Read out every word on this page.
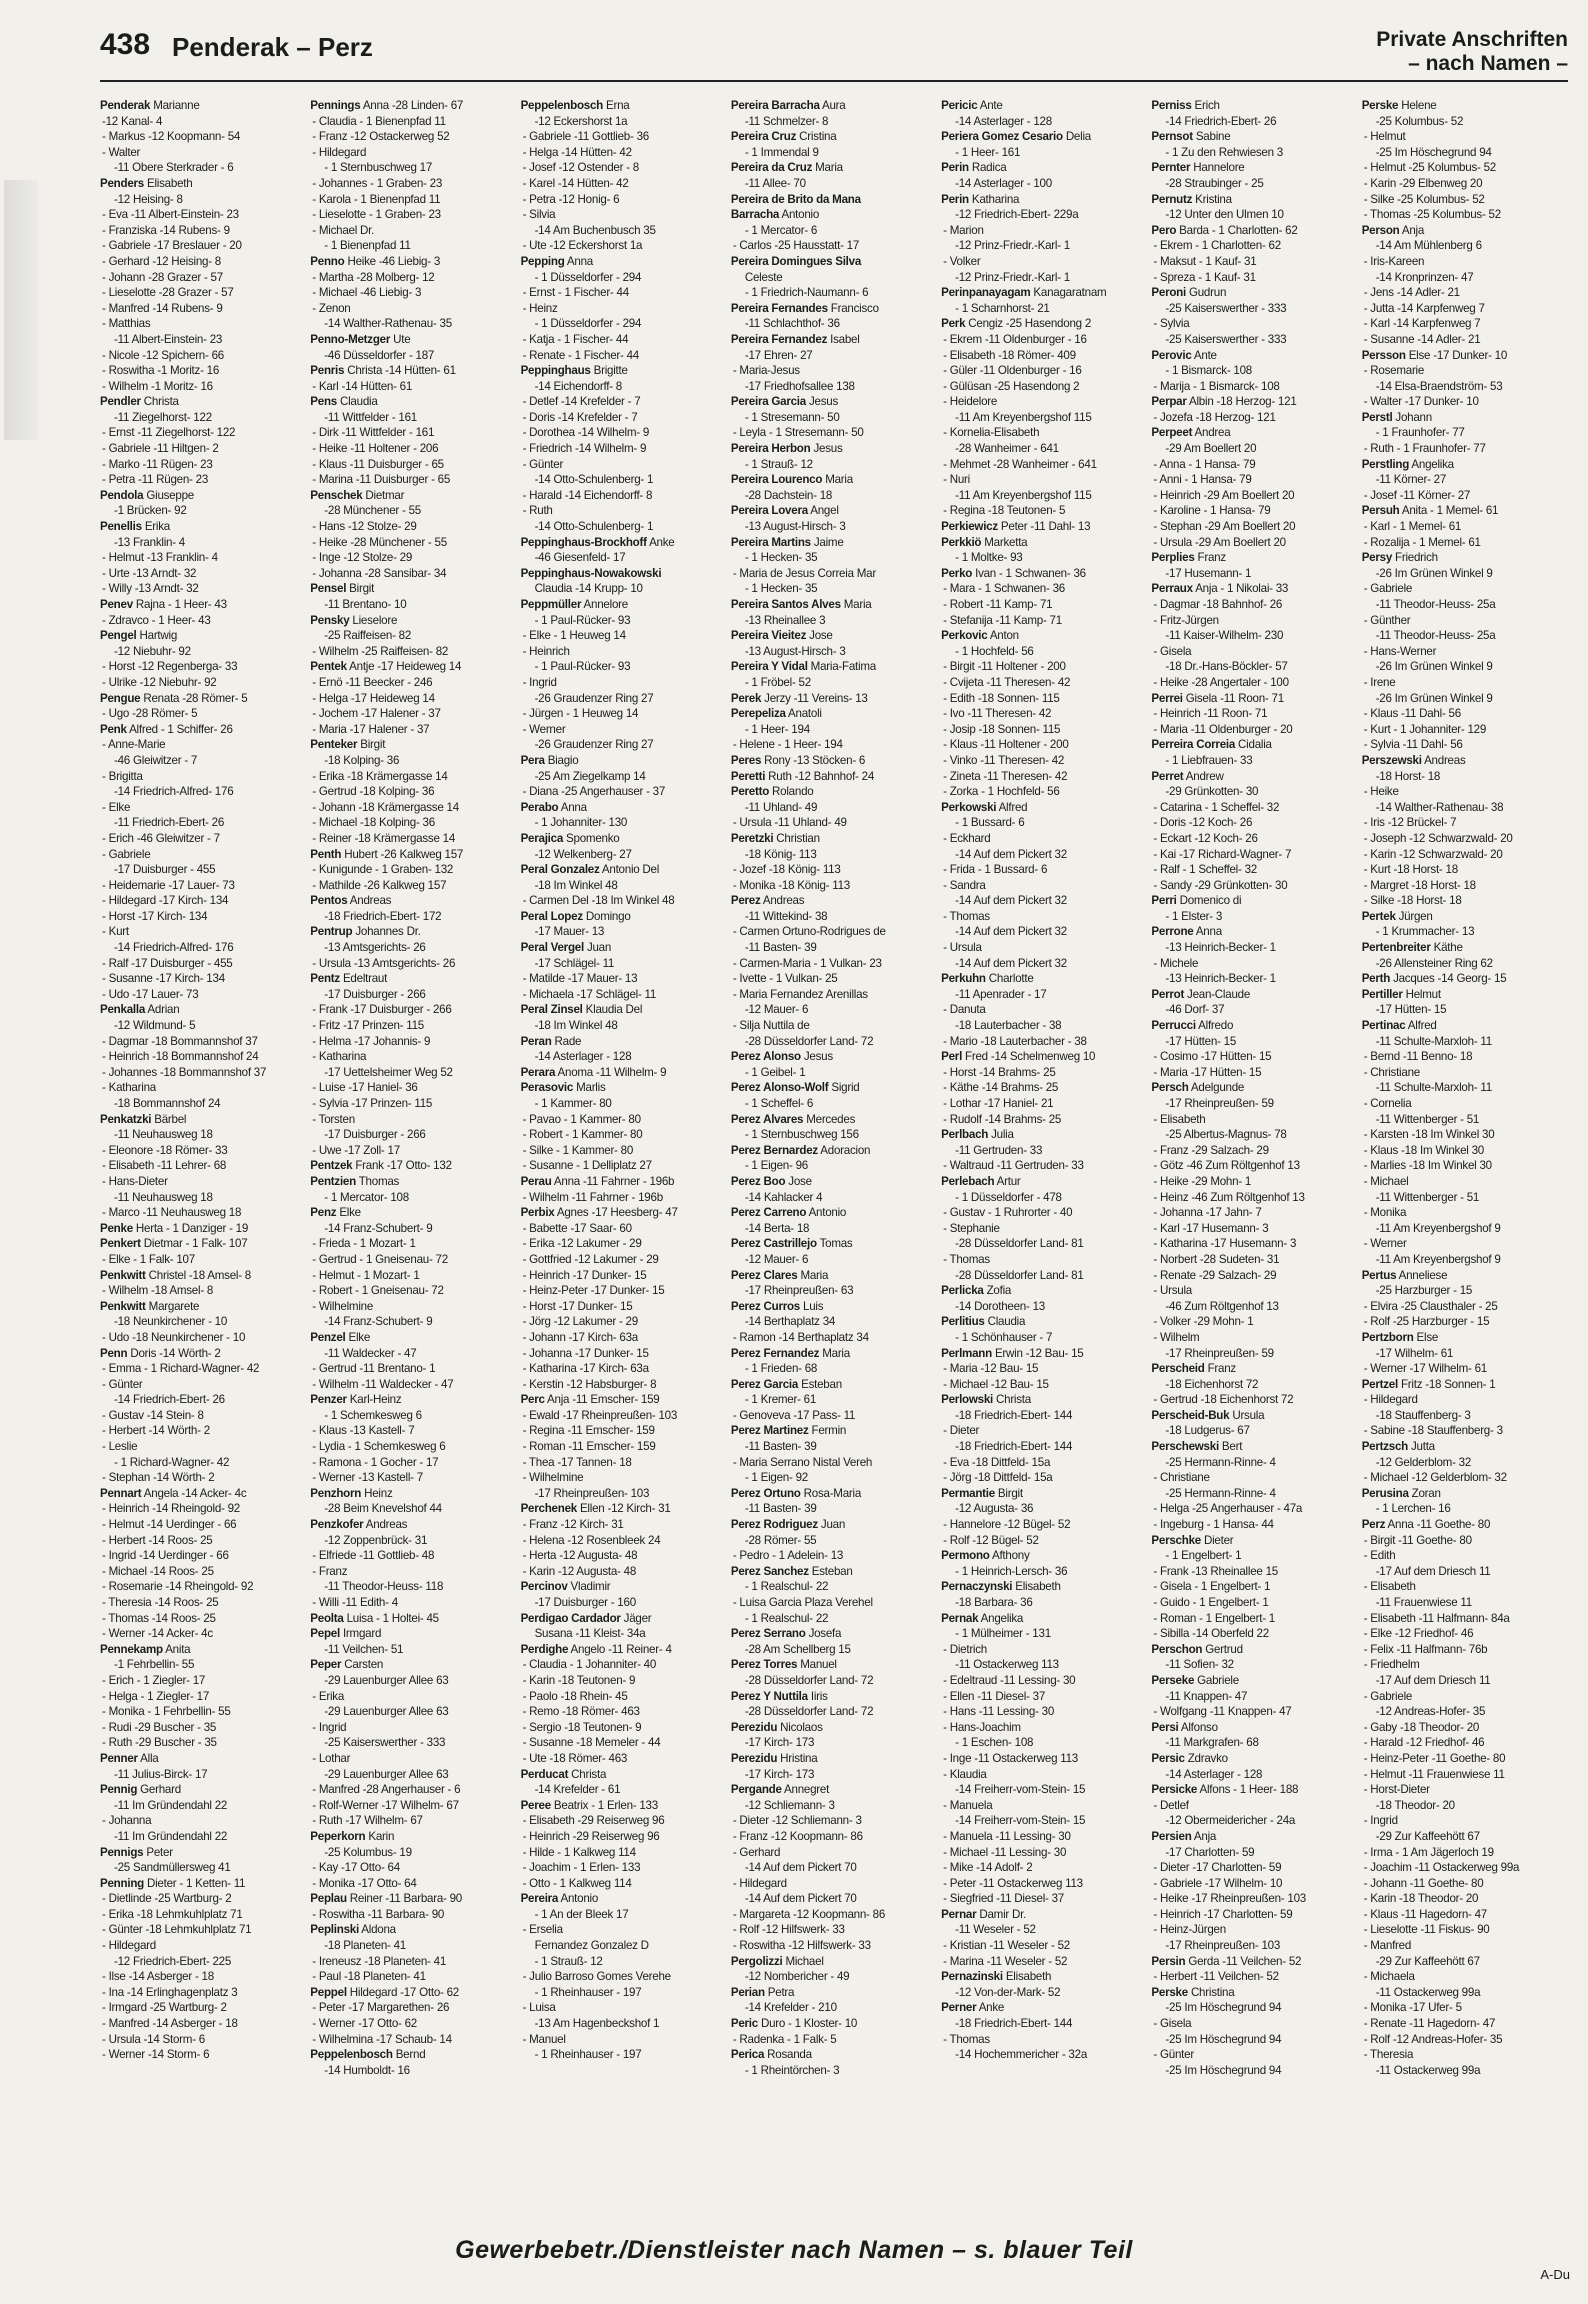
438 Penderak – Perz	Private Anschriften
– nach Namen –
Penderak Marianne
-12 Kanal- 4
- Markus -12 Koopmann- 54
- Walter
-11 Obere Sterkrader - 6
Penders Elisabeth
-12 Heising- 8
- Eva -11 Albert-Einstein- 23
- Franziska -14 Rubens- 9
- Gabriele -17 Breslauer - 20
- Gerhard -12 Heising- 8
- Johann -28 Grazer - 57
- Lieselotte -28 Grazer - 57
- Manfred -14 Rubens- 9
- Matthias
-11 Albert-Einstein- 23
- Nicole -12 Spichern- 66
- Roswitha -1 Moritz- 16
- Wilhelm -1 Moritz- 16
Pendler Christa
-11 Ziegelhorst- 122
- Ernst -11 Ziegelhorst- 122
- Gabriele -11 Hiltgen- 2
- Marko -11 Rügen- 23
- Petra -11 Rügen- 23
Pendola Giuseppe
-1 Brücken- 92
Penellis Erika
-13 Franklin- 4
- Helmut -13 Franklin- 4
- Urte -13 Arndt- 32
- Willy -13 Arndt- 32
Penev Rajna - 1 Heer- 43
- Zdravco - 1 Heer- 43
Pengel Hartwig
-12 Niebuhr- 92
- Horst -12 Regenberga- 33
- Ulrike -12 Niebuhr- 92
Pengue Renata -28 Römer- 5
- Ugo -28 Römer- 5
Penk Alfred - 1 Schiffer- 26
- Anne-Marie
-46 Gleiwitzer - 7
- Brigitta
-14 Friedrich-Alfred- 176
- Elke
-11 Friedrich-Ebert- 26
- Erich -46 Gleiwitzer - 7
- Gabriele
-17 Duisburger - 455
- Heidemarie -17 Lauer- 73
- Hildegard -17 Kirch- 134
- Horst -17 Kirch- 134
- Kurt
-14 Friedrich-Alfred- 176
- Ralf -17 Duisburger - 455
- Susanne -17 Kirch- 134
- Udo -17 Lauer- 73
Penkalla Adrian
-12 Wildmund- 5
- Dagmar -18 Bommannshof 37
- Heinrich -18 Bommannshof 24
- Johannes -18 Bommannshof 37
- Katharina
-18 Bommannshof 24
Penkatzki Bärbel
-11 Neuhausweg 18
- Eleonore -18 Römer- 33
- Elisabeth -11 Lehrer- 68
- Hans-Dieter
-11 Neuhausweg 18
- Marco -11 Neuhausweg 18
Penke Herta - 1 Danziger - 19
Penkert Dietmar - 1 Falk- 107
- Elke - 1 Falk- 107
Penkwitt Christel -18 Amsel- 8
- Wilhelm -18 Amsel- 8
Penkwitt Margarete
-18 Neunkirchener - 10
- Udo -18 Neunkirchener - 10
Penn Doris -14 Wörth- 2
- Emma - 1 Richard-Wagner- 42
- Günter
-14 Friedrich-Ebert- 26
- Gustav -14 Stein- 8
- Herbert -14 Wörth- 2
- Leslie
- 1 Richard-Wagner- 42
- Stephan -14 Wörth- 2
Pennart Angela -14 Acker- 4c
- Heinrich -14 Rheingold- 92
- Helmut -14 Uerdinger - 66
- Herbert -14 Roos- 25
- Ingrid -14 Uerdinger - 66
- Michael -14 Roos- 25
- Rosemarie -14 Rheingold- 92
- Theresia -14 Roos- 25
- Thomas -14 Roos- 25
- Werner -14 Acker- 4c
Pennekamp Anita
-1 Fehrbellin- 55
- Erich - 1 Ziegler- 17
- Helga - 1 Ziegler- 17
- Monika - 1 Fehrbellin- 55
- Rudi -29 Buscher - 35
- Ruth -29 Buscher - 35
Penner Alla
-11 Julius-Birck- 17
Pennig Gerhard
-11 Im Gründendahl 22
- Johanna
-11 Im Gründendahl 22
Pennigs Peter
-25 Sandmüllersweg 41
Penning Dieter - 1 Ketten- 11
- Dietlinde -25 Wartburg- 2
- Erika -18 Lehmkuhlplatz 71
- Günter -18 Lehmkuhlplatz 71
- Hildegard
-12 Friedrich-Ebert- 225
- Ilse -14 Asberger - 18
- Ina -14 Erlinghagenplatz 3
- Irmgard -25 Wartburg- 2
- Manfred -14 Asberger - 18
- Ursula -14 Storm- 6
- Werner -14 Storm- 6
Pennings Anna -28 Linden- 67
- Claudia - 1 Bienenpfad 11
- Franz -12 Ostackerweg 52
- Hildegard
- 1 Sternbuschweg 17
- Johannes - 1 Graben- 23
- Karola - 1 Bienenpfad 11
- Lieselotte - 1 Graben- 23
- Michael Dr.
- 1 Bienenpfad 11
Penno Heike -46 Liebig- 3
- Martha -28 Molberg- 12
- Michael -46 Liebig- 3
- Zenon
-14 Walther-Rathenau- 35
Penno-Metzger Ute
-46 Düsseldorfer - 187
Penris Christa -14 Hütten- 61
- Karl -14 Hütten- 61
Pens Claudia
-11 Wittfelder - 161
- Dirk -11 Wittfelder - 161
- Heike -11 Holtener - 206
- Klaus -11 Duisburger - 65
- Marina -11 Duisburger - 65
Penschek Dietmar
-28 Münchener - 55
- Hans -12 Stolze- 29
- Heike -28 Münchener - 55
- Inge -12 Stolze- 29
- Johanna -28 Sansibar- 34
Pensel Birgit
-11 Brentano- 10
Pensky Lieselore
-25 Raiffeisen- 82
- Wilhelm -25 Raiffeisen- 82
Pentek Antje -17 Heideweg 14
- Ernö -11 Beecker - 246
- Helga -17 Heideweg 14
- Jochem -17 Halener - 37
- Maria -17 Halener - 37
Penteker Birgit
-18 Kolping- 36
- Erika -18 Krämergasse 14
- Gertrud -18 Kolping- 36
- Johann -18 Krämergasse 14
- Michael -18 Kolping- 36
- Reiner -18 Krämergasse 14
Penth Hubert -26 Kalkweg 157
- Kunigunde - 1 Graben- 132
- Mathilde -26 Kalkweg 157
Pentos Andreas
-18 Friedrich-Ebert- 172
Pentrup Johannes Dr.
-13 Amtsgerichts- 26
- Ursula -13 Amtsgerichts- 26
Pentz Edeltraut
-17 Duisburger - 266
- Frank -17 Duisburger - 266
- Fritz -17 Prinzen- 115
- Helma -17 Johannis- 9
- Katharina
-17 Uettelsheimer Weg 52
- Luise -17 Haniel- 36
- Sylvia -17 Prinzen- 115
- Torsten
-17 Duisburger - 266
- Uwe -17 Zoll- 17
Pentzek Frank -17 Otto- 132
Pentzien Thomas
- 1 Mercator- 108
Penz Elke
-14 Franz-Schubert- 9
- Frieda - 1 Mozart- 1
- Gertrud - 1 Gneisenau- 72
- Helmut - 1 Mozart- 1
- Robert - 1 Gneisenau- 72
- Wilhelmine
-14 Franz-Schubert- 9
Penzel Elke
-11 Waldecker - 47
- Gertrud -11 Brentano- 1
- Wilhelm -11 Waldecker - 47
Penzer Karl-Heinz
- 1 Schemkesweg 6
- Klaus -13 Kastell- 7
- Lydia - 1 Schemkesweg 6
- Ramona - 1 Gocher - 17
- Werner -13 Kastell- 7
Penzhorn Heinz
-28 Beim Knevelshof 44
Penzkofer Andreas
-12 Zoppenbrück- 31
- Elfriede -11 Gottlieb- 48
- Franz
-11 Theodor-Heuss- 118
- Willi -11 Edith- 4
Peolta Luisa - 1 Holtei- 45
Pepel Irmgard
-11 Veilchen- 51
Peper Carsten
-29 Lauenburger Allee 63
- Erika
-29 Lauenburger Allee 63
- Ingrid
-25 Kaiserswerther - 333
- Lothar
-29 Lauenburger Allee 63
- Manfred -28 Angerhauser - 6
- Rolf-Werner -17 Wilhelm- 67
- Ruth -17 Wilhelm- 67
Peperkorn Karin
-25 Kolumbus- 19
- Kay -17 Otto- 64
- Monika -17 Otto- 64
Peplau Reiner -11 Barbara- 90
- Roswitha -11 Barbara- 90
Peplinski Aldona
-18 Planeten- 41
- Ireneusz -18 Planeten- 41
- Paul -18 Planeten- 41
Peppel Hildegard -17 Otto- 62
- Peter -17 Margarethen- 26
- Werner -17 Otto- 62
- Wilhelmina -17 Schaub- 14
Peppelenbosch Bernd
-14 Humboldt- 16
Peppelenbosch Erna
-12 Eckershorst 1a
- Gabriele -11 Gottlieb- 36
- Helga -14 Hütten- 42
- Josef -12 Ostender - 8
- Karel -14 Hütten- 42
- Petra -12 Honig- 6
- Silvia
-14 Am Buchenbusch 35
- Ute -12 Eckershorst 1a
Pepping Anna
- 1 Düsseldorfer - 294
- Ernst - 1 Fischer- 44
- Heinz
- 1 Düsseldorfer - 294
- Katja - 1 Fischer- 44
- Renate - 1 Fischer- 44
Peppinghaus Brigitte
-14 Eichendorff- 8
- Detlef -14 Krefelder - 7
- Doris -14 Krefelder - 7
- Dorothea -14 Wilhelm- 9
- Friedrich -14 Wilhelm- 9
- Günter
-14 Otto-Schulenberg- 1
- Harald -14 Eichendorff- 8
- Ruth
-14 Otto-Schulenberg- 1
Peppinghaus-Brockhoff Anke
-46 Giesenfeld- 17
Peppinghaus-Nowakowski
Claudia -14 Krupp- 10
Peppmüller Annelore
- 1 Paul-Rücker- 93
- Elke - 1 Heuweg 14
- Heinrich
- 1 Paul-Rücker- 93
- Ingrid
-26 Graudenzer Ring 27
- Jürgen - 1 Heuweg 14
- Werner
-26 Graudenzer Ring 27
Pera Biagio
-25 Am Ziegelkamp 14
- Diana -25 Angerhauser - 37
Perabo Anna
- 1 Johanniter- 130
Perajica Spomenko
-12 Welkenberg- 27
Peral Gonzalez Antonio Del
-18 Im Winkel 48
- Carmen Del -18 Im Winkel 48
Peral Lopez Domingo
-17 Mauer- 13
Peral Vergel Juan
-17 Schlägel- 11
- Matilde -17 Mauer- 13
- Michaela -17 Schlägel- 11
Peral Zinsel Klaudia Del
-18 Im Winkel 48
Peran Rade
-14 Asterlager - 128
Perara Anoma -11 Wilhelm- 9
Perasovic Marlis
- 1 Kammer- 80
- Pavao - 1 Kammer- 80
- Robert - 1 Kammer- 80
- Silke - 1 Kammer- 80
- Susanne - 1 Delliplatz 27
Perau Anna -11 Fahrner - 196b
- Wilhelm -11 Fahrner - 196b
Perbix Agnes -17 Heesberg- 47
- Babette -17 Saar- 60
- Erika -12 Lakumer - 29
- Gottfried -12 Lakumer - 29
- Heinrich -17 Dunker- 15
- Heinz-Peter -17 Dunker- 15
- Horst -17 Dunker- 15
- Jörg -12 Lakumer - 29
- Johann -17 Kirch- 63a
- Johanna -17 Dunker- 15
- Katharina -17 Kirch- 63a
- Kerstin -12 Habsburger- 8
Perc Anja -11 Emscher- 159
- Ewald -17 Rheinpreußen- 103
- Regina -11 Emscher- 159
- Roman -11 Emscher- 159
- Thea -17 Tannen- 18
- Wilhelmine
-17 Rheinpreußen- 103
Perchenek Ellen -12 Kirch- 31
- Franz -12 Kirch- 31
- Helena -12 Rosenbleek 24
- Herta -12 Augusta- 48
- Karin -12 Augusta- 48
Percinov Vladimir
-17 Duisburger - 160
Perdigao Cardador Jäger
Susana -11 Kleist- 34a
Perdighe Angelo -11 Reiner- 4
- Claudia - 1 Johanniter- 40
- Karin -18 Teutonen- 9
- Paolo -18 Rhein- 45
- Remo -18 Römer- 463
- Sergio -18 Teutonen- 9
- Susanne -18 Memeler - 44
- Ute -18 Römer- 463
Perducat Christa
-14 Krefelder - 61
Peree Beatrix - 1 Erlen- 133
- Elisabeth -29 Reiserweg 96
- Heinrich -29 Reiserweg 96
- Hilde - 1 Kalkweg 114
- Joachim - 1 Erlen- 133
- Otto - 1 Kalkweg 114
Pereira Antonio
- 1 An der Bleek 17
- Erselia
Fernandez Gonzalez D
- 1 Strauß- 12
- Julio Barroso Gomes Verehe
- 1 Rheinhauser - 197
- Luisa
-13 Am Hagenbeckshof 1
- Manuel
- 1 Rheinhauser - 197
Pereira Barracha Aura
-11 Schmelzer- 8
Pereira Cruz Cristina
- 1 Immendal 9
Pereira da Cruz Maria
-11 Allee- 70
Pereira de Brito da Mana
Barracha Antonio
- 1 Mercator- 6
- Carlos -25 Hausstatt- 17
Pereira Domingues Silva
Celeste
- 1 Friedrich-Naumann- 6
Pereira Fernandes Francisco
-11 Schlachthof- 36
Pereira Fernandez Isabel
-17 Ehren- 27
- Maria-Jesus
-17 Friedhofsallee 138
Pereira Garcia Jesus
- 1 Stresemann- 50
- Leyla - 1 Stresemann- 50
Pereira Herbon Jesus
- 1 Strauß- 12
Pereira Lourenco Maria
-28 Dachstein- 18
Pereira Lovera Angel
-13 August-Hirsch- 3
Pereira Martins Jaime
- 1 Hecken- 35
- Maria de Jesus Correia Mar
- 1 Hecken- 35
Pereira Santos Alves Maria
-13 Rheinallee 3
Pereira Vieitez Jose
-13 August-Hirsch- 3
Pereira Y Vidal Maria-Fatima
- 1 Fröbel- 52
Perek Jerzy -11 Vereins- 13
Perepeliza Anatoli
- 1 Heer- 194
- Helene - 1 Heer- 194
Peres Rony -13 Stöcken- 6
Peretti Ruth -12 Bahnhof- 24
Peretto Rolando
-11 Uhland- 49
- Ursula -11 Uhland- 49
Peretzki Christian
-18 König- 113
- Jozef -18 König- 113
- Monika -18 König- 113
Perez Andreas
-11 Wittekind- 38
- Carmen Ortuno-Rodrigues de
-11 Basten- 39
- Carmen-Maria - 1 Vulkan- 23
- Ivette - 1 Vulkan- 25
- Maria Fernandez Arenillas
-12 Mauer- 6
- Silja Nuttila de
-28 Düsseldorfer Land- 72
Perez Alonso Jesus
- 1 Geibel- 1
Perez Alonso-Wolf Sigrid
- 1 Scheffel- 6
Perez Alvares Mercedes
- 1 Sternbuschweg 156
Perez Bernardez Adoracion
- 1 Eigen- 96
Perez Boo Jose
-14 Kahlacker 4
Perez Carreno Antonio
-14 Berta- 18
Perez Castrillejo Tomas
-12 Mauer- 6
Perez Clares Maria
-17 Rheinpreußen- 63
Perez Curros Luis
-14 Berthaplatz 34
- Ramon -14 Berthaplatz 34
Perez Fernandez Maria
- 1 Frieden- 68
Perez Garcia Esteban
- 1 Kremer- 61
- Genoveva -17 Pass- 11
Perez Martinez Fermin
-11 Basten- 39
- Maria Serrano Nistal Vereh
- 1 Eigen- 92
Perez Ortuno Rosa-Maria
-11 Basten- 39
Perez Rodriguez Juan
-28 Römer- 55
- Pedro - 1 Adelein- 13
Perez Sanchez Esteban
- 1 Realschul- 22
- Luisa Garcia Plaza Verehel
- 1 Realschul- 22
Perez Serrano Josefa
-28 Am Schellberg 15
Perez Torres Manuel
-28 Düsseldorfer Land- 72
Perez Y Nuttila Iiris
-28 Düsseldorfer Land- 72
Perezidu Nicolaos
-17 Kirch- 173
Perezidu Hristina
-17 Kirch- 173
Pergande Annegret
-12 Schliemann- 3
- Dieter -12 Schliemann- 3
- Franz -12 Koopmann- 86
- Gerhard
-14 Auf dem Pickert 70
- Hildegard
-14 Auf dem Pickert 70
- Margareta -12 Koopmann- 86
- Rolf -12 Hilfswerk- 33
- Roswitha -12 Hilfswerk- 33
Pergolizzi Michael
-12 Nombericher - 49
Perian Petra
-14 Krefelder - 210
Peric Duro - 1 Kloster- 10
- Radenka - 1 Falk- 5
Perica Rosanda
- 1 Rheintörchen- 3
Pericic Ante
-14 Asterlager - 128
Periera Gomez Cesario Delia
- 1 Heer- 161
Perin Radica
-14 Asterlager - 100
Perin Katharina
-12 Friedrich-Ebert- 229a
- Marion
-12 Prinz-Friedr.-Karl- 1
- Volker
-12 Prinz-Friedr.-Karl- 1
Perinpanayagam Kanagaratnam
- 1 Scharnhorst- 21
Perk Cengiz -25 Hasendong 2
- Ekrem -11 Oldenburger - 16
- Elisabeth -18 Römer- 409
- Güler -11 Oldenburger - 16
- Gülüsan -25 Hasendong 2
- Heidelore
-11 Am Kreyenbergshof 115
- Kornelia-Elisabeth
-28 Wanheimer - 641
- Mehmet -28 Wanheimer - 641
- Nuri
-11 Am Kreyenbergshof 115
- Regina -18 Teutonen- 5
Perkiewicz Peter -11 Dahl- 13
Perkkiö Marketta
- 1 Moltke- 93
Perko Ivan - 1 Schwanen- 36
- Mara - 1 Schwanen- 36
- Robert -11 Kamp- 71
- Stefanija -11 Kamp- 71
Perkovic Anton
- 1 Hochfeld- 56
- Birgit -11 Holtener - 200
- Cvijeta -11 Theresen- 42
- Edith -18 Sonnen- 115
- Ivo -11 Theresen- 42
- Josip -18 Sonnen- 115
- Klaus -11 Holtener - 200
- Vinko -11 Theresen- 42
- Zineta -11 Theresen- 42
- Zorka - 1 Hochfeld- 56
Perkowski Alfred
- 1 Bussard- 6
- Eckhard
-14 Auf dem Pickert 32
- Frida - 1 Bussard- 6
- Sandra
-14 Auf dem Pickert 32
- Thomas
-14 Auf dem Pickert 32
- Ursula
-14 Auf dem Pickert 32
Perkuhn Charlotte
-11 Apenrader - 17
- Danuta
-18 Lauterbacher - 38
- Mario -18 Lauterbacher - 38
Perl Fred -14 Schelmenweg 10
- Horst -14 Brahms- 25
- Käthe -14 Brahms- 25
- Lothar -17 Haniel- 21
- Rudolf -14 Brahms- 25
Perlbach Julia
-11 Gertruden- 33
- Waltraud -11 Gertruden- 33
Perlebach Artur
- 1 Düsseldorfer - 478
- Gustav - 1 Ruhrorter - 40
- Stephanie
-28 Düsseldorfer Land- 81
- Thomas
-28 Düsseldorfer Land- 81
Perlicka Zofia
-14 Dorotheen- 13
Perlitius Claudia
- 1 Schönhauser - 7
Perlmann Erwin -12 Bau- 15
- Maria -12 Bau- 15
- Michael -12 Bau- 15
Perlowski Christa
-18 Friedrich-Ebert- 144
- Dieter
-18 Friedrich-Ebert- 144
- Eva -18 Dittfeld- 15a
- Jörg -18 Dittfeld- 15a
Permantie Birgit
-12 Augusta- 36
- Hannelore -12 Bügel- 52
- Rolf -12 Bügel- 52
Permono Afthony
- 1 Heinrich-Lersch- 36
Pernaczynski Elisabeth
-18 Barbara- 36
Pernak Angelika
- 1 Mülheimer - 131
- Dietrich
-11 Ostackerweg 113
- Edeltraud -11 Lessing- 30
- Ellen -11 Diesel- 37
- Hans -11 Lessing- 30
- Hans-Joachim
- 1 Eschen- 108
- Inge -11 Ostackerweg 113
- Klaudia
-14 Freiherr-vom-Stein- 15
- Manuela
-14 Freiherr-vom-Stein- 15
- Manuela -11 Lessing- 30
- Michael -11 Lessing- 30
- Mike -14 Adolf- 2
- Peter -11 Ostackerweg 113
- Siegfried -11 Diesel- 37
Pernar Damir Dr.
-11 Weseler - 52
- Kristian -11 Weseler - 52
- Marina -11 Weseler - 52
Pernazinski Elisabeth
-12 Von-der-Mark- 52
Perner Anke
-18 Friedrich-Ebert- 144
- Thomas
-14 Hochemmericher - 32a
Perniss Erich
-14 Friedrich-Ebert- 26
Pernsot Sabine
- 1 Zu den Rehwiesen 3
Pernter Hannelore
-28 Straubinger - 25
Pernutz Kristina
-12 Unter den Ulmen 10
Pero Barda - 1 Charlotten- 62
- Ekrem - 1 Charlotten- 62
- Maksut - 1 Kauf- 31
- Spreza - 1 Kauf- 31
Peroni Gudrun
-25 Kaiserswerther - 333
- Sylvia
-25 Kaiserswerther - 333
Perovic Ante
- 1 Bismarck- 108
- Marija - 1 Bismarck- 108
Perpar Albin -18 Herzog- 121
- Jozefa -18 Herzog- 121
Perpeet Andrea
-29 Am Boellert 20
- Anna - 1 Hansa- 79
- Anni - 1 Hansa- 79
- Heinrich -29 Am Boellert 20
- Karoline - 1 Hansa- 79
- Stephan -29 Am Boellert 20
- Ursula -29 Am Boellert 20
Perplies Franz
-17 Husemann- 1
Perraux Anja - 1 Nikolai- 33
- Dagmar -18 Bahnhof- 26
- Fritz-Jürgen
-11 Kaiser-Wilhelm- 230
- Gisela
-18 Dr.-Hans-Böckler- 57
- Heike -28 Angertaler - 100
Perrei Gisela -11 Roon- 71
- Heinrich -11 Roon- 71
- Maria -11 Oldenburger - 20
Perreira Correia Cidalia
- 1 Liebfrauen- 33
Perret Andrew
-29 Grünkotten- 30
- Catarina - 1 Scheffel- 32
- Doris -12 Koch- 26
- Eckart -12 Koch- 26
- Kai -17 Richard-Wagner- 7
- Ralf - 1 Scheffel- 32
- Sandy -29 Grünkotten- 30
Perri Domenico di
- 1 Elster- 3
Perrone Anna
-13 Heinrich-Becker- 1
- Michele
-13 Heinrich-Becker- 1
Perrot Jean-Claude
-46 Dorf- 37
Perrucci Alfredo
-17 Hütten- 15
- Cosimo -17 Hütten- 15
- Maria -17 Hütten- 15
Persch Adelgunde
-17 Rheinpreußen- 59
- Elisabeth
-25 Albertus-Magnus- 78
- Franz -29 Salzach- 29
- Götz -46 Zum Röltgenhof 13
- Heike -29 Mohn- 1
- Heinz -46 Zum Röltgenhof 13
- Johanna -17 Jahn- 7
- Karl -17 Husemann- 3
- Katharina -17 Husemann- 3
- Norbert -28 Sudeten- 31
- Renate -29 Salzach- 29
- Ursula
-46 Zum Röltgenhof 13
- Volker -29 Mohn- 1
- Wilhelm
-17 Rheinpreußen- 59
Perscheid Franz
-18 Eichenhorst 72
- Gertrud -18 Eichenhorst 72
Perscheid-Buk Ursula
-18 Ludgerus- 67
Perschewski Bert
-25 Hermann-Rinne- 4
- Christiane
-25 Hermann-Rinne- 4
- Helga -25 Angerhauser - 47a
- Ingeburg - 1 Hansa- 44
Perschke Dieter
- 1 Engelbert- 1
- Frank -13 Rheinallee 15
- Gisela - 1 Engelbert- 1
- Guido - 1 Engelbert- 1
- Roman - 1 Engelbert- 1
- Sibilla -14 Oberfeld 22
Perschon Gertrud
-11 Sofien- 32
Perseke Gabriele
-11 Knappen- 47
- Wolfgang -11 Knappen- 47
Persi Alfonso
-11 Markgrafen- 68
Persic Zdravko
-14 Asterlager - 128
Persicke Alfons - 1 Heer- 188
- Detlef
-12 Obermeidericher - 24a
Persien Anja
-17 Charlotten- 59
- Dieter -17 Charlotten- 59
- Gabriele -17 Wilhelm- 10
- Heike -17 Rheinpreußen- 103
- Heinrich -17 Charlotten- 59
- Heinz-Jürgen
-17 Rheinpreußen- 103
Persin Gerda -11 Veilchen- 52
- Herbert -11 Veilchen- 52
Perske Christina
-25 Im Höschegrund 94
- Gisela
-25 Im Höschegrund 94
- Günter
-25 Im Höschegrund 94
Perske Helene
-25 Kolumbus- 52
- Helmut
-25 Im Höschegrund 94
- Helmut -25 Kolumbus- 52
- Karin -29 Elbenweg 20
- Silke -25 Kolumbus- 52
- Thomas -25 Kolumbus- 52
Person Anja
-14 Am Mühlenberg 6
- Iris-Kareen
-14 Kronprinzen- 47
- Jens -14 Adler- 21
- Jutta -14 Karpfenweg 7
- Karl -14 Karpfenweg 7
- Susanne -14 Adler- 21
Persson Else -17 Dunker- 10
- Rosemarie
-14 Elsa-Braendström- 53
- Walter -17 Dunker- 10
Perstl Johann
- 1 Fraunhofer- 77
- Ruth - 1 Fraunhofer- 77
Perstling Angelika
-11 Körner- 27
- Josef -11 Körner- 27
Persuh Anita - 1 Memel- 61
- Karl - 1 Memel- 61
- Rozalija - 1 Memel- 61
Persy Friedrich
-26 Im Grünen Winkel 9
- Gabriele
-11 Theodor-Heuss- 25a
- Günther
-11 Theodor-Heuss- 25a
- Hans-Werner
-26 Im Grünen Winkel 9
- Irene
-26 Im Grünen Winkel 9
- Klaus -11 Dahl- 56
- Kurt - 1 Johanniter- 129
- Sylvia -11 Dahl- 56
Perszewski Andreas
-18 Horst- 18
- Heike
-14 Walther-Rathenau- 38
- Iris -12 Brückel- 7
- Joseph -12 Schwarzwald- 20
- Karin -12 Schwarzwald- 20
- Kurt -18 Horst- 18
- Margret -18 Horst- 18
- Silke -18 Horst- 18
Pertek Jürgen
- 1 Krummacher- 13
Pertenbreiter Käthe
-26 Allensteiner Ring 62
Perth Jacques -14 Georg- 15
Pertiller Helmut
-17 Hütten- 15
Pertinac Alfred
-11 Schulte-Marxloh- 11
- Bernd -11 Benno- 18
- Christiane
-11 Schulte-Marxloh- 11
- Cornelia
-11 Wittenberger - 51
- Karsten -18 Im Winkel 30
- Klaus -18 Im Winkel 30
- Marlies -18 Im Winkel 30
- Michael
-11 Wittenberger - 51
- Monika
-11 Am Kreyenbergshof 9
- Werner
-11 Am Kreyenbergshof 9
Pertus Anneliese
-25 Harzburger - 15
- Elvira -25 Clausthaler - 25
- Rolf -25 Harzburger - 15
Pertzborn Else
-17 Wilhelm- 61
- Werner -17 Wilhelm- 61
Pertzel Fritz -18 Sonnen- 1
- Hildegard
-18 Stauffenberg- 3
- Sabine -18 Stauffenberg- 3
Pertzsch Jutta
-12 Gelderblom- 32
- Michael -12 Gelderblom- 32
Perusina Zoran
- 1 Lerchen- 16
Perz Anna -11 Goethe- 80
- Birgit -11 Goethe- 80
- Edith
-17 Auf dem Driesch 11
- Elisabeth
-11 Frauenwiese 11
- Elisabeth -11 Halfmann- 84a
- Elke -12 Friedhof- 46
- Felix -11 Halfmann- 76b
- Friedhelm
-17 Auf dem Driesch 11
- Gabriele
-12 Andreas-Hofer- 35
- Gaby -18 Theodor- 20
- Harald -12 Friedhof- 46
- Heinz-Peter -11 Goethe- 80
- Helmut -11 Frauenwiese 11
- Horst-Dieter
-18 Theodor- 20
- Ingrid
-29 Zur Kaffeehött 67
- Irma - 1 Am Jägerloch 19
- Joachim -11 Ostackerweg 99a
- Johann -11 Goethe- 80
- Karin -18 Theodor- 20
- Klaus -11 Hagedorn- 47
- Lieselotte -11 Fiskus- 90
- Manfred
-29 Zur Kaffeehött 67
- Michaela
-11 Ostackerweg 99a
- Monika -17 Ufer- 5
- Renate -11 Hagedorn- 47
- Rolf -12 Andreas-Hofer- 35
- Theresia
-11 Ostackerweg 99a
Gewerbebetr./Dienstleister nach Namen – s. blauer Teil
A-Du
